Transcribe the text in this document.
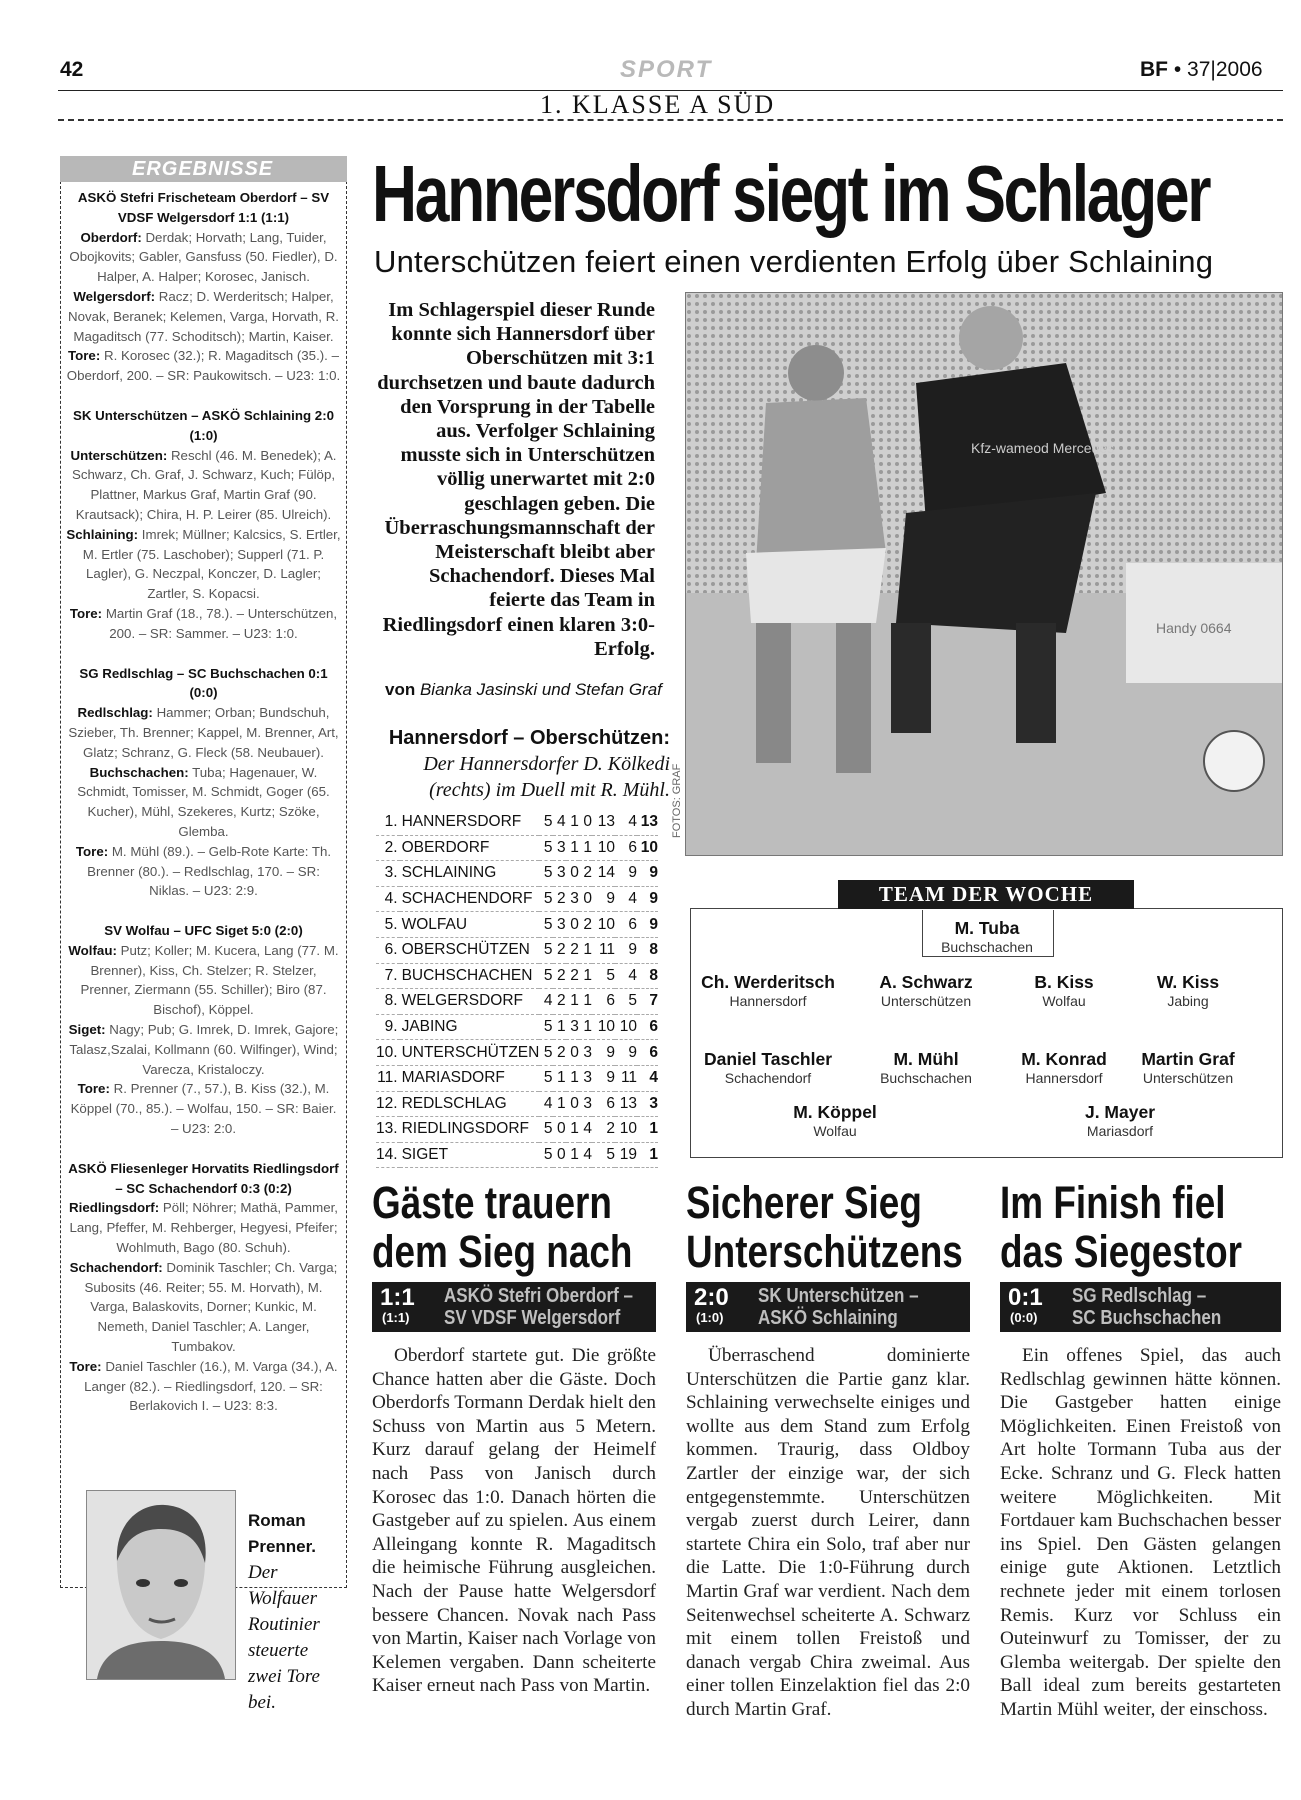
42	SPORT	BF • 37|2006
1. KLASSE A SÜD
ERGEBNISSE

ASKÖ Stefri Frischeteam Oberdorf – SV VDSF Welgersdorf 1:1 (1:1)

Oberdorf: Derdak; Horvath; Lang, Tuider, Obojkovits; Gabler, Gansfuss (50. Fiedler), D. Halper, A. Halper; Korosec, Janisch.

Welgersdorf: Racz; D. Werderitsch; Halper, Novak, Beranek; Kelemen, Varga, Horvath, R. Magaditsch (77. Schoditsch); Martin, Kaiser.

Tore: R. Korosec (32.); R. Magaditsch (35.). – Oberdorf, 200. – SR: Paukowitsch. – U23: 1:0.

SK Unterschützen – ASKÖ Schlaining 2:0 (1:0)

Unterschützen: Reschl (46. M. Benedek); A. Schwarz, Ch. Graf, J. Schwarz, Kuch; Fülöp, Plattner, Markus Graf, Martin Graf (90. Krautsack); Chira, H. P. Leirer (85. Ulreich).

Schlaining: Imrek; Müllner; Kalcsics, S. Ertler, M. Ertler (75. Laschober); Supperl (71. P. Lagler), G. Neczpal, Konczer, D. Lagler; Zartler, S. Kopacsi.

Tore: Martin Graf (18., 78.). – Unterschützen, 200. – SR: Sammer. – U23: 1:0.

SG Redlschlag – SC Buchschachen 0:1 (0:0)

Redlschlag: Hammer; Orban; Bundschuh, Szieber, Th. Brenner; Kappel, M. Brenner, Art, Glatz; Schranz, G. Fleck (58. Neubauer).

Buchschachen: Tuba; Hagenauer, W. Schmidt, Tomisser, M. Schmidt, Goger (65. Kucher), Mühl, Szekeres, Kurtz; Szöke, Glemba.

Tore: M. Mühl (89.). – Gelb-Rote Karte: Th. Brenner (80.). – Redlschlag, 170. – SR: Niklas. – U23: 2:9.

SV Wolfau – UFC Siget 5:0 (2:0)

Wolfau: Putz; Koller; M. Kucera, Lang (77. M. Brenner), Kiss, Ch. Stelzer; R. Stelzer, Prenner, Ziermann (55. Schiller); Biro (87. Bischof), Köppel.

Siget: Nagy; Pub; G. Imrek, D. Imrek, Gajore; Talasz,Szalai, Kollmann (60. Wilfinger), Wind; Varecza, Kristaloczy.

Tore: R. Prenner (7., 57.), B. Kiss (32.), M. Köppel (70., 85.). – Wolfau, 150. – SR: Baier. – U23: 2:0.

ASKÖ Fliesenleger Horvatits Riedlingsdorf – SC Schachendorf 0:3 (0:2)

Riedlingsdorf: Pöll; Nöhrer; Mathä, Pammer, Lang, Pfeffer, M. Rehberger, Hegyesi, Pfeifer; Wohlmuth, Bago (80. Schuh).

Schachendorf: Dominik Taschler; Ch. Varga; Subosits (46. Reiter; 55. M. Horvath), M. Varga, Balaskovits, Dorner; Kunkic, M. Nemeth, Daniel Taschler; A. Langer, Tumbakov.

Tore: Daniel Taschler (16.), M. Varga (34.), A. Langer (82.). – Riedlingsdorf, 120. – SR: Berlakovich I. – U23: 8:3.

Roman Prenner.
Der Wolfauer Routinier steuerte zwei Tore bei.
Hannersdorf siegt im Schlager
Unterschützen feiert einen verdienten Erfolg über Schlaining
Im Schlagerspiel dieser Runde konnte sich Hannersdorf über Oberschützen mit 3:1 durchsetzen und baute dadurch den Vorsprung in der Tabelle aus. Verfolger Schlaining musste sich in Unterschützen völlig unerwartet mit 2:0 geschlagen geben. Die Überraschungsmannschaft der Meisterschaft bleibt aber Schachendorf. Dieses Mal feierte das Team in Riedlingsdorf einen klaren 3:0-Erfolg.
von Bianka Jasinski und Stefan Graf
Hannersdorf – Oberschützen: Der Hannersdorfer D. Kölkedi (rechts) im Duell mit R. Mühl.
Handy 0664
Kfz-wameod Mercedes
FOTOS: GRAF
1.	HANNERSDORF	5	4	1	0	13	4	13
2.	OBERDORF	5	3	1	1	10	6	10
3.	SCHLAINING	5	3	0	2	14	9	9
4.	SCHACHENDORF	5	2	3	0	9	4	9
5.	WOLFAU	5	3	0	2	10	6	9
6.	OBERSCHÜTZEN	5	2	2	1	11	9	8
7.	BUCHSCHACHEN	5	2	2	1	5	4	8
8.	WELGERSDORF	4	2	1	1	6	5	7
9.	JABING	5	1	3	1	10	10	6
10.	UNTERSCHÜTZEN	5	2	0	3	9	9	6
11.	MARIASDORF	5	1	1	3	9	11	4
12.	REDLSCHLAG	4	1	0	3	6	13	3
13.	RIEDLINGSDORF	5	0	1	4	2	10	1
14.	SIGET	5	0	1	4	5	19	1
TEAM DER WOCHE
M. Tuba
Buchschachen
Ch. Werderitsch
Hannersdorf
A. Schwarz
Unterschützen
B. Kiss
Wolfau
W. Kiss
Jabing
Daniel Taschler
Schachendorf
M. Mühl
Buchschachen
M. Konrad
Hannersdorf
Martin Graf
Unterschützen
M. Köppel
Wolfau
J. Mayer
Mariasdorf
Gäste trauern
dem Sieg nach
1:1
(1:1)
ASKÖ Stefri Oberdorf –
SV VDSF Welgersdorf
Oberdorf startete gut. Die größte Chance hatten aber die Gäste. Doch Oberdorfs Tormann Derdak hielt den Schuss von Martin aus 5 Metern. Kurz darauf gelang der Heimelf nach Pass von Janisch durch Korosec das 1:0. Danach hörten die Gastgeber auf zu spielen. Aus einem Alleingang konnte R. Magaditsch die heimische Führung ausgleichen. Nach der Pause hatte Welgersdorf bessere Chancen. Novak nach Pass von Martin, Kaiser nach Vorlage von Kelemen vergaben. Dann scheiterte Kaiser erneut nach Pass von Martin.
Sicherer Sieg
Unterschützens
2:0
(1:0)
SK Unterschützen –
ASKÖ Schlaining
Überraschend dominierte Unterschützen die Partie ganz klar. Schlaining verwechselte einiges und wollte aus dem Stand zum Erfolg kommen. Traurig, dass Oldboy Zartler der einzige war, der sich entgegenstemmte. Unterschützen vergab zuerst durch Leirer, dann startete Chira ein Solo, traf aber nur die Latte. Die 1:0-Führung durch Martin Graf war verdient. Nach dem Seitenwechsel scheiterte A. Schwarz mit einem tollen Freistoß und danach vergab Chira zweimal. Aus einer tollen Einzelaktion fiel das 2:0 durch Martin Graf.
Im Finish fiel
das Siegestor
0:1
(0:0)
SG Redlschlag –
SC Buchschachen
Ein offenes Spiel, das auch Redlschlag gewinnen hätte können. Die Gastgeber hatten einige Möglichkeiten. Einen Freistoß von Art holte Tormann Tuba aus der Ecke. Schranz und G. Fleck hatten weitere Möglichkeiten. Mit Fortdauer kam Buchschachen besser ins Spiel. Den Gästen gelangen einige gute Aktionen. Letztlich rechnete jeder mit einem torlosen Remis. Kurz vor Schluss ein Outeinwurf zu Tomisser, der zu Glemba weitergab. Der spielte den Ball ideal zum bereits gestarteten Martin Mühl weiter, der einschoss.
